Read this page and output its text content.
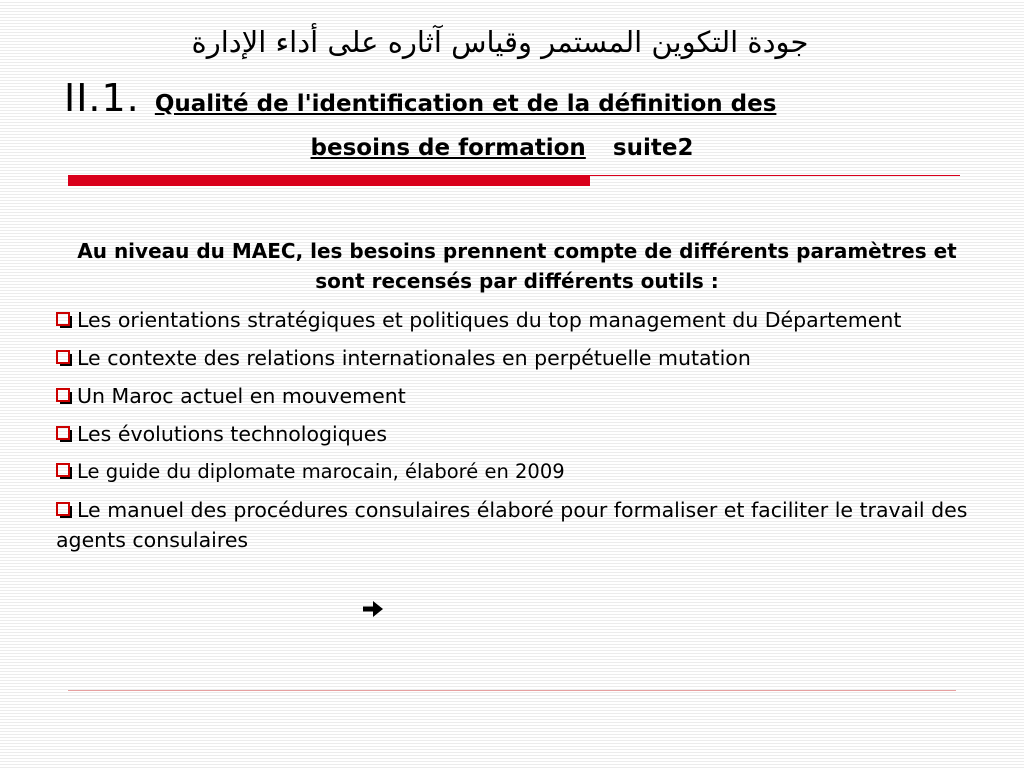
جودة التكوين المستمر وقياس آثاره على أداء الإدارة
II.1. Qualité de l'identification et de la définition des
besoins de formation suite2
Au niveau du MAEC, les besoins prennent compte de différents paramètres et sont recensés par différents outils :
Les orientations stratégiques et politiques du top management du Département
Le contexte des relations internationales en perpétuelle mutation
Un Maroc actuel en mouvement
Les évolutions technologiques
Le guide du diplomate marocain, élaboré en 2009
Le manuel des procédures consulaires élaboré pour formaliser et faciliter le travail des agents consulaires
